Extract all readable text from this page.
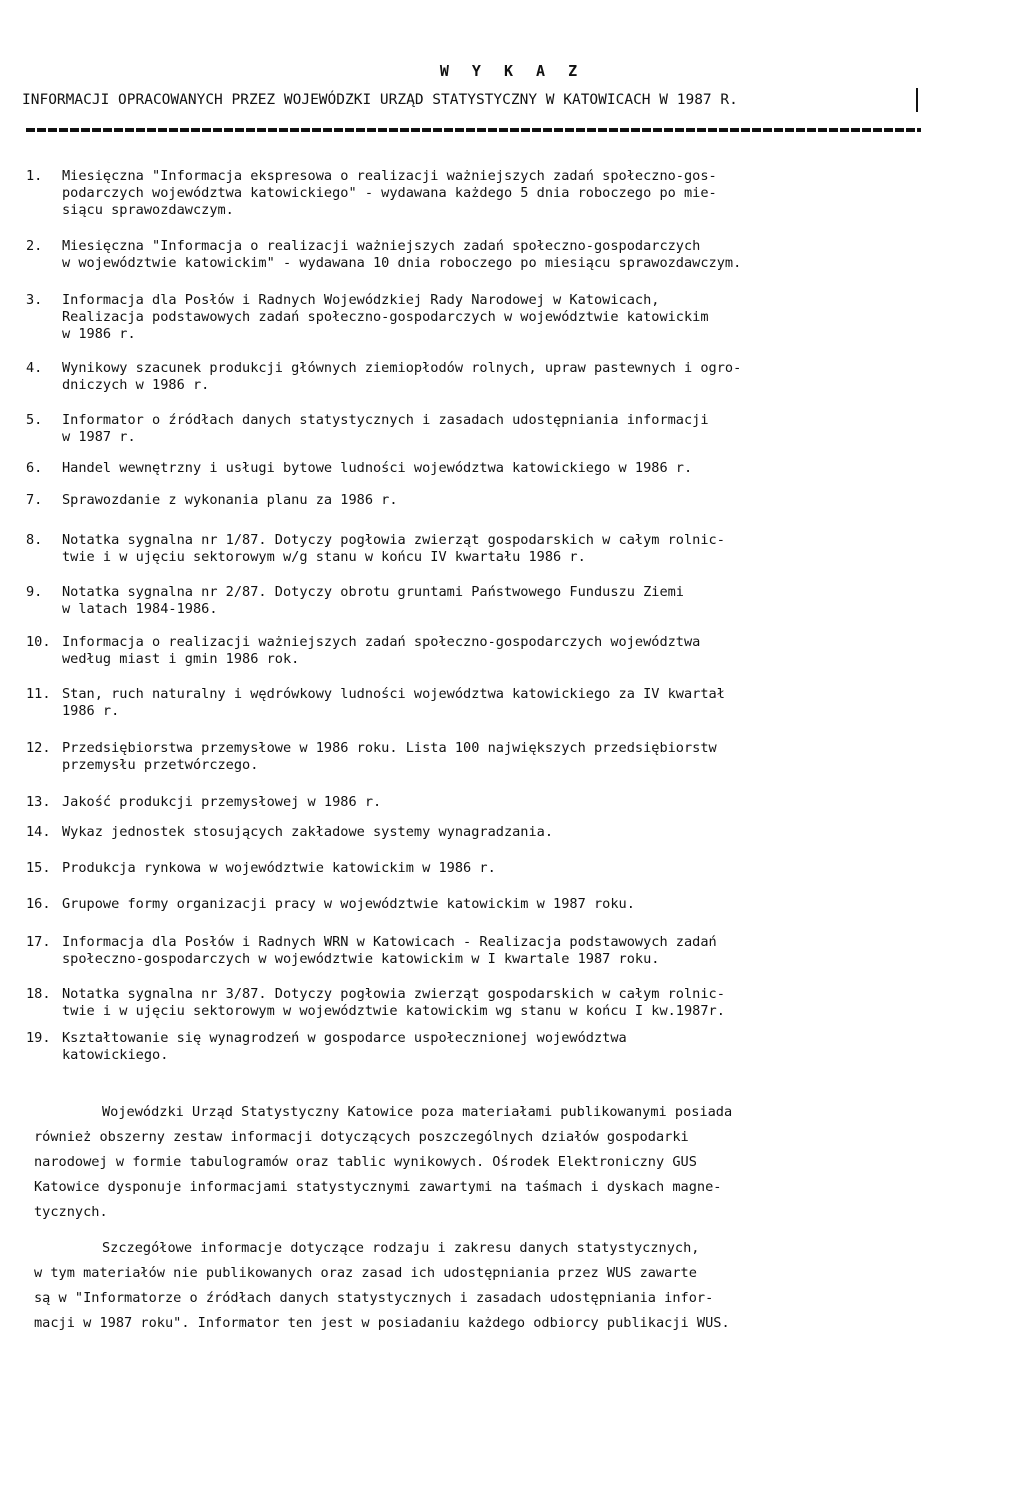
W Y K A Z
INFORMACJI OPRACOWANYCH PRZEZ WOJEWÓDZKI URZĄD STATYSTYCZNY W KATOWICACH W 1987 R.
1.	Miesięczna "Informacja ekspresowa o realizacji ważniejszych zadań społeczno-gos-
podarczych województwa katowickiego" - wydawana każdego 5 dnia roboczego po mie-
siącu sprawozdawczym.
2.	Miesięczna "Informacja o realizacji ważniejszych zadań społeczno-gospodarczych
w województwie katowickim" - wydawana 10 dnia roboczego po miesiącu sprawozdawczym.
3.	Informacja dla Posłów i Radnych Wojewódzkiej Rady Narodowej w Katowicach,
Realizacja podstawowych zadań społeczno-gospodarczych w województwie katowickim
w 1986 r.
4.	Wynikowy szacunek produkcji głównych ziemiopłodów rolnych, upraw pastewnych i ogro-
dniczych w 1986 r.
5.	Informator o źródłach danych statystycznych i zasadach udostępniania informacji
w 1987 r.
6.	Handel wewnętrzny i usługi bytowe ludności województwa katowickiego w 1986 r.
7.	Sprawozdanie z wykonania planu za 1986 r.
8.	Notatka sygnalna nr 1/87. Dotyczy pogłowia zwierząt gospodarskich w całym rolnic-
twie i w ujęciu sektorowym w/g stanu w końcu IV kwartału 1986 r.
9.	Notatka sygnalna nr 2/87. Dotyczy obrotu gruntami Państwowego Funduszu Ziemi
w latach 1984-1986.
10. Informacja o realizacji ważniejszych zadań społeczno-gospodarczych województwa
według miast i gmin 1986 rok.
11. Stan, ruch naturalny i wędrówkowy ludności województwa katowickiego za IV kwartał
1986 r.
12. Przedsiębiorstwa przemysłowe w 1986 roku. Lista 100 największych przedsiębiorstw
przemysłu przetwórczego.
13. Jakość produkcji przemysłowej w 1986 r.
14. Wykaz jednostek stosujących zakładowe systemy wynagradzania.
15. Produkcja rynkowa w województwie katowickim w 1986 r.
16. Grupowe formy organizacji pracy w województwie katowickim w 1987 roku.
17. Informacja dla Posłów i Radnych WRN w Katowicach - Realizacja podstawowych zadań
społeczno-gospodarczych w województwie katowickim w I kwartale 1987 roku.
18. Notatka sygnalna nr 3/87. Dotyczy pogłowia zwierząt gospodarskich w całym rolnic-
twie i w ujęciu sektorowym w województwie katowickim wg stanu w końcu I kw.1987r.
19. Kształtowanie się wynagrodzeń w gospodarce uspołecznionej województwa
katowickiego.
Wojewódzki Urząd Statystyczny Katowice poza materiałami publikowanymi posiada
również obszerny zestaw informacji dotyczących poszczególnych działów gospodarki
narodowej w formie tabulogramów oraz tablic wynikowych. Ośrodek Elektroniczny GUS
Katowice dysponuje informacjami statystycznymi zawartymi na taśmach i dyskach magne-
tycznych.
Szczegółowe informacje dotyczące rodzaju i zakresu danych statystycznych,
w tym materiałów nie publikowanych oraz zasad ich udostępniania przez WUS zawarte
są w "Informatorze o źródłach danych statystycznych i zasadach udostępniania infor-
macji w 1987 roku". Informator ten jest w posiadaniu każdego odbiorcy publikacji WUS.
